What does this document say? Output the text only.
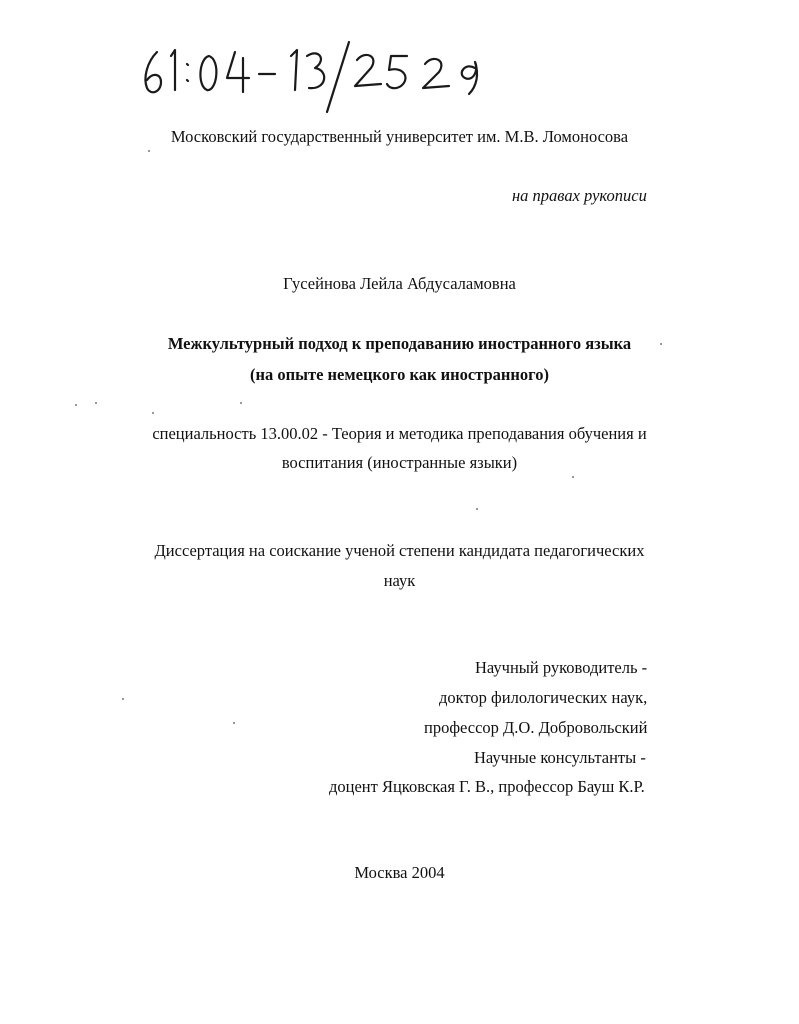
Московский государственный университет им. М.В. Ломоносова
на правах рукописи
Гусейнова Лейла Абдусаламовна
Межкультурный подход к преподаванию иностранного языка
(на опыте немецкого как иностранного)
специальность 13.00.02 - Теория и методика преподавания обучения и
воспитания (иностранные языки)
Диссертация на соискание ученой степени кандидата педагогических
наук
Научный руководитель -
доктор филологических наук,
профессор Д.О. Добровольский
Научные консультанты -
доцент Яцковская Г. В., профессор Бауш К.Р.
Москва 2004
